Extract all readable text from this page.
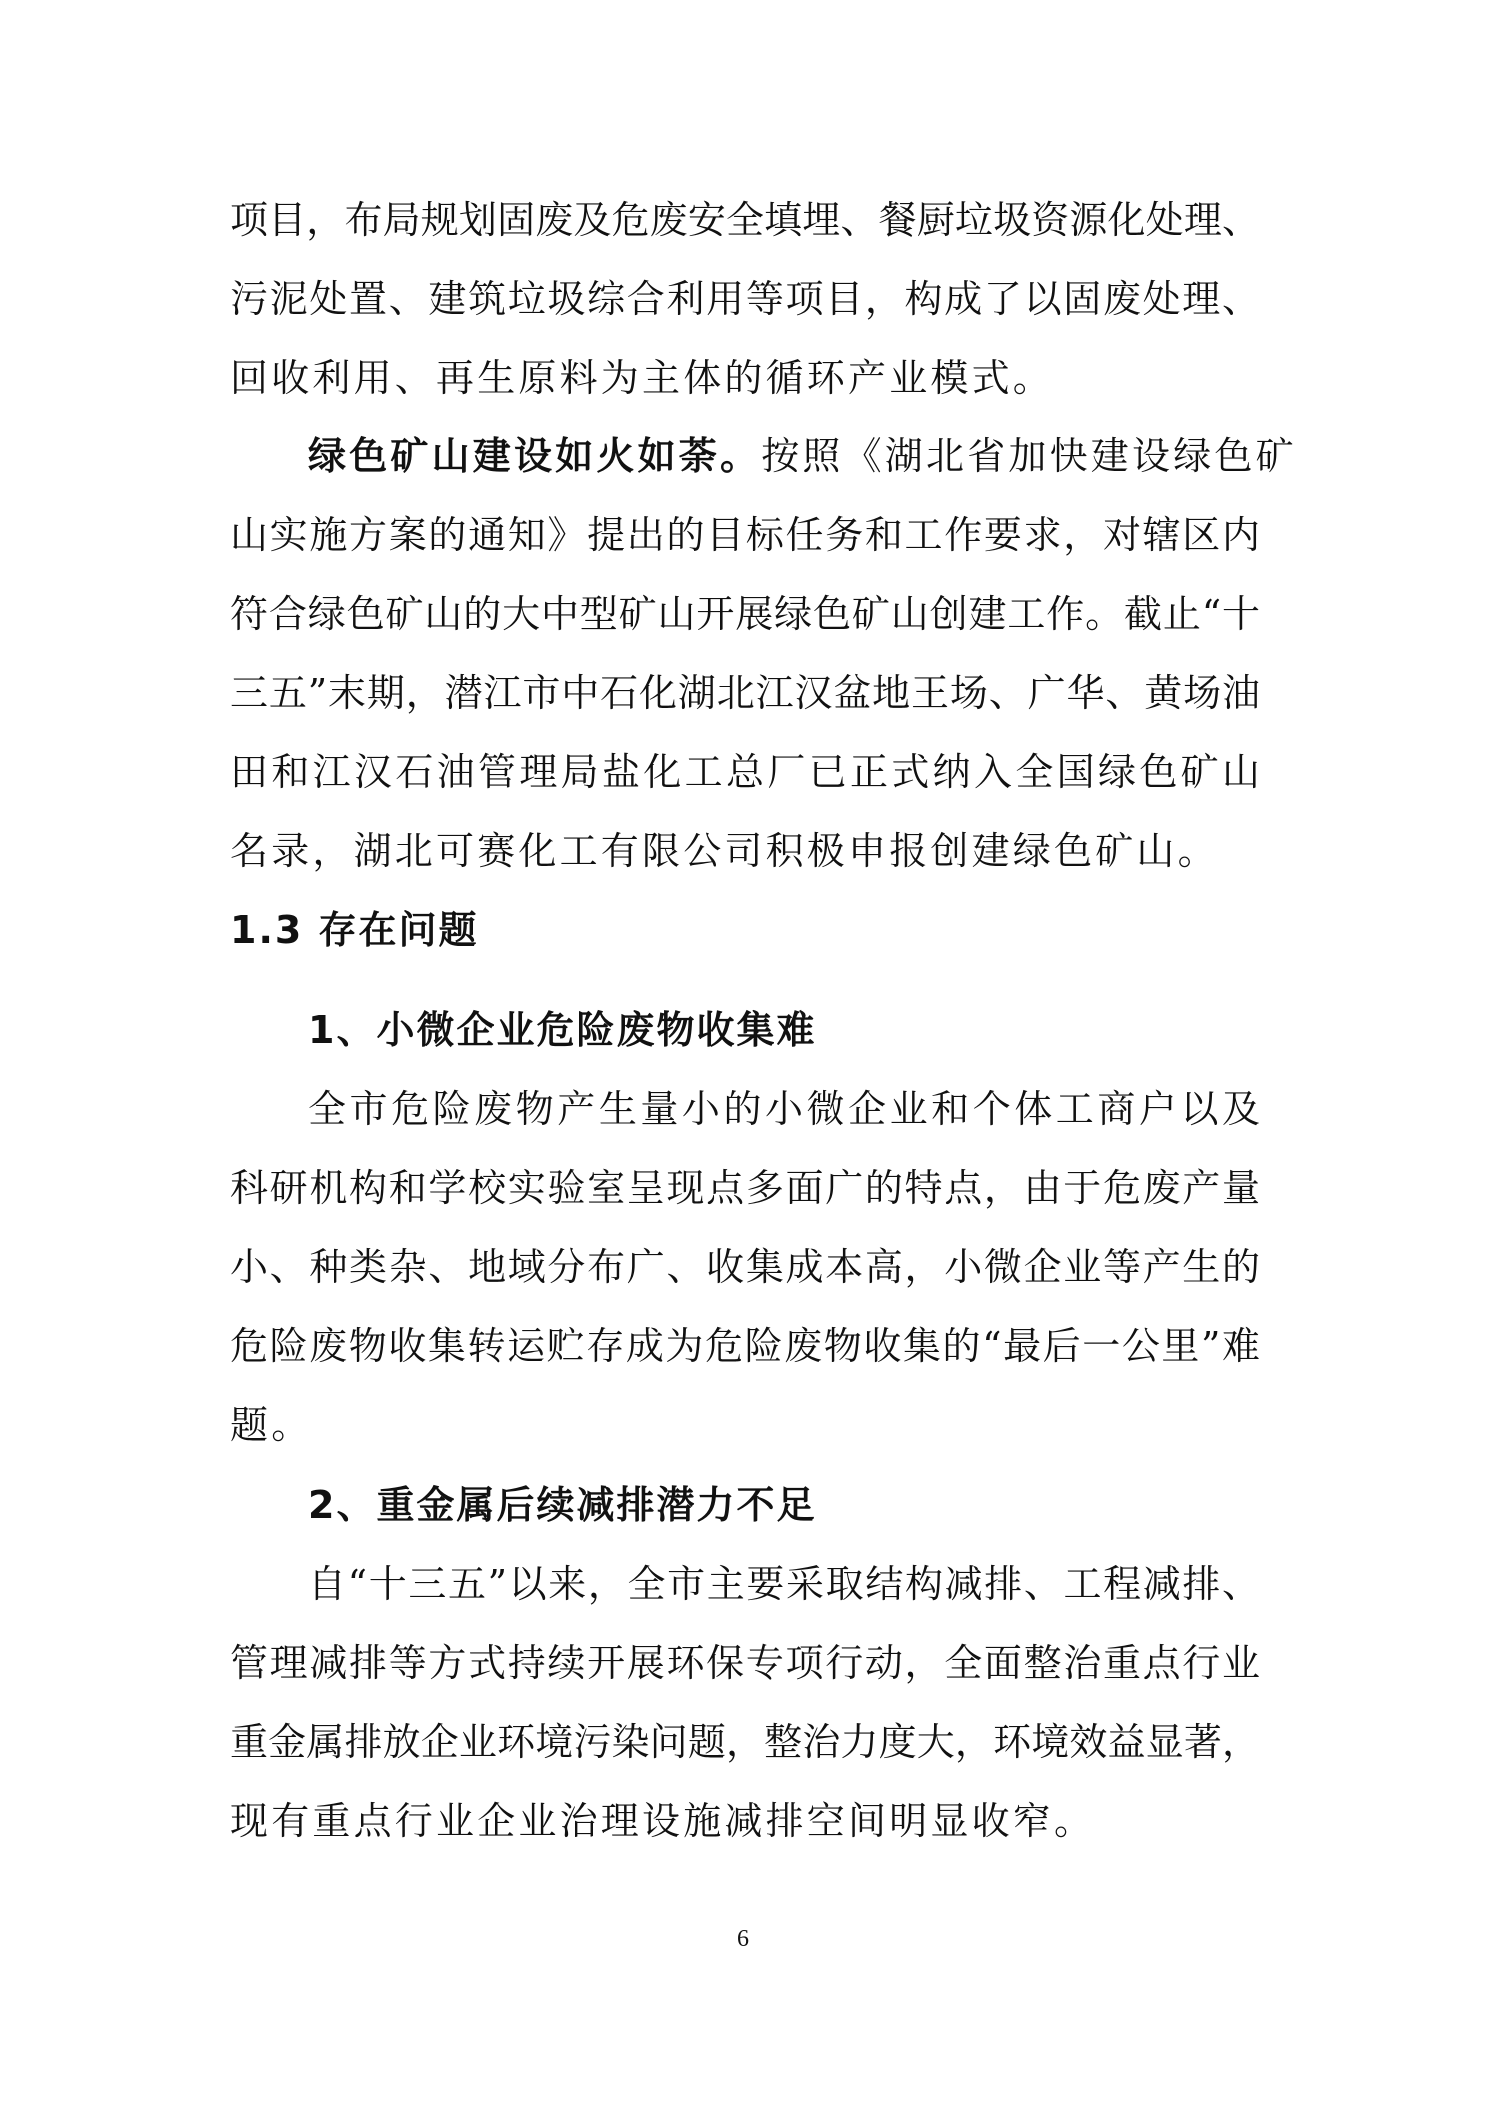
项目，布局规划固废及危废安全填埋、餐厨垃圾资源化处理、
污泥处置、建筑垃圾综合利用等项目，构成了以固废处理、
回收利用、再生原料为主体的循环产业模式。
绿色矿山建设如火如荼。按照《湖北省加快建设绿色矿
山实施方案的通知》提出的目标任务和工作要求，对辖区内
符合绿色矿山的大中型矿山开展绿色矿山创建工作。截止“十
三五”末期，潜江市中石化湖北江汉盆地王场、广华、黄场油
田和江汉石油管理局盐化工总厂已正式纳入全国绿色矿山
名录，湖北可赛化工有限公司积极申报创建绿色矿山。
1.3 存在问题
1、小微企业危险废物收集难
全市危险废物产生量小的小微企业和个体工商户以及
科研机构和学校实验室呈现点多面广的特点，由于危废产量
小、种类杂、地域分布广、收集成本高，小微企业等产生的
危险废物收集转运贮存成为危险废物收集的“最后一公里”难
题。
2、重金属后续减排潜力不足
自“十三五”以来，全市主要采取结构减排、工程减排、
管理减排等方式持续开展环保专项行动，全面整治重点行业
重金属排放企业环境污染问题，整治力度大，环境效益显著，
现有重点行业企业治理设施减排空间明显收窄。
6
